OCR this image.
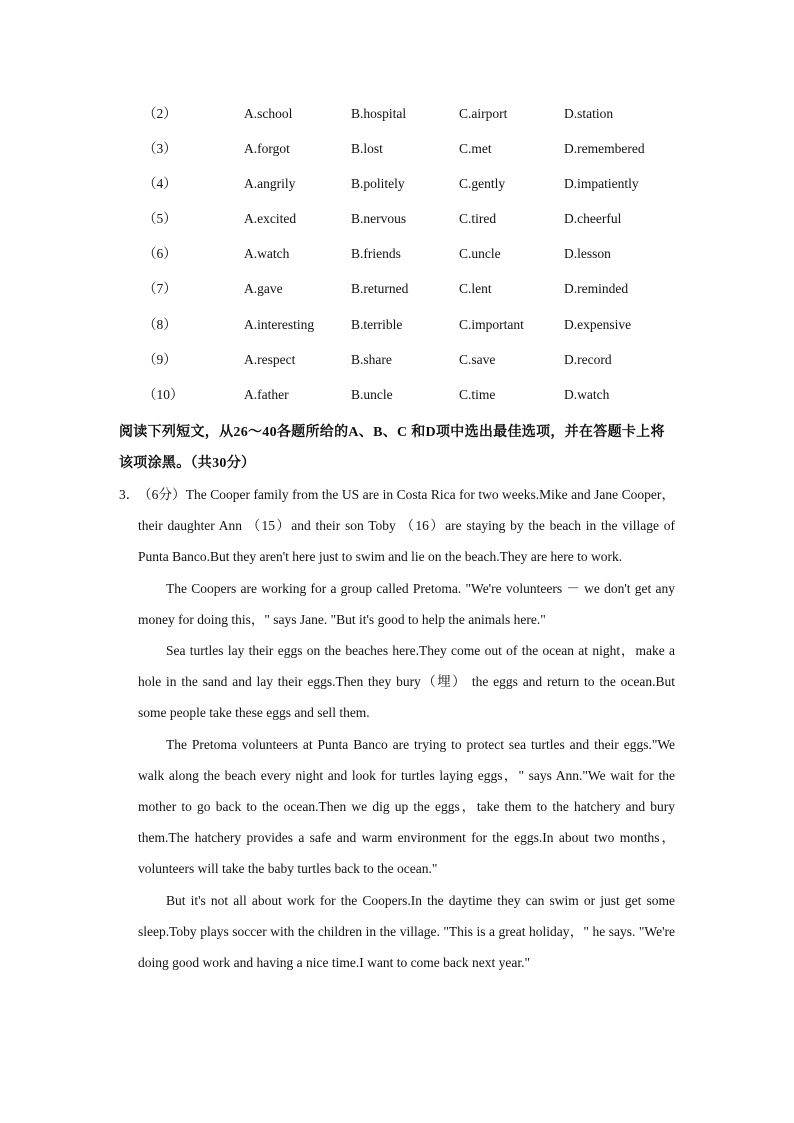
（2）	A.school	B.hospital	C.airport	D.station
（3）	A.forgot	B.lost	C.met	D.remembered
（4）	A.angrily	B.politely	C.gently	D.impatiently
（5）	A.excited	B.nervous	C.tired	D.cheerful
（6）	A.watch	B.friends	C.uncle	D.lesson
（7）	A.gave	B.returned	C.lent	D.reminded
（8）	A.interesting	B.terrible	C.important	D.expensive
（9）	A.respect	B.share	C.save	D.record
（10）	A.father	B.uncle	C.time	D.watch
阅读下列短文，从26～40各题所给的A、B、C 和D项中选出最佳选项，并在答题卡上将该项涂黑。（共30分）
3．
（6分）The Cooper family from the US are in Costa Rica for two weeks.Mike and Jane Cooper，their daughter Ann （15）and their son Toby （16）are staying by the beach in the village of Punta Banco.But they aren't here just to swim and lie on the beach.They are here to work.
The Coopers are working for a group called Pretoma. "We're volunteers － we don't get any money for doing this，" says Jane. "But it's good to help the animals here."
Sea turtles lay their eggs on the beaches here.They come out of the ocean at night，make a hole in the sand and lay their eggs.Then they bury（埋） the eggs and return to the ocean.But some people take these eggs and sell them.
The Pretoma volunteers at Punta Banco are trying to protect sea turtles and their eggs."We walk along the beach every night and look for turtles laying eggs，" says Ann."We wait for the mother to go back to the ocean.Then we dig up the eggs，take them to the hatchery and bury them.The hatchery provides a safe and warm environment for the eggs.In about two months，volunteers will take the baby turtles back to the ocean."
But it's not all about work for the Coopers.In the daytime they can swim or just get some sleep.Toby plays soccer with the children in the village. "This is a great holiday，" he says. "We're doing good work and having a nice time.I want to come back next year."
